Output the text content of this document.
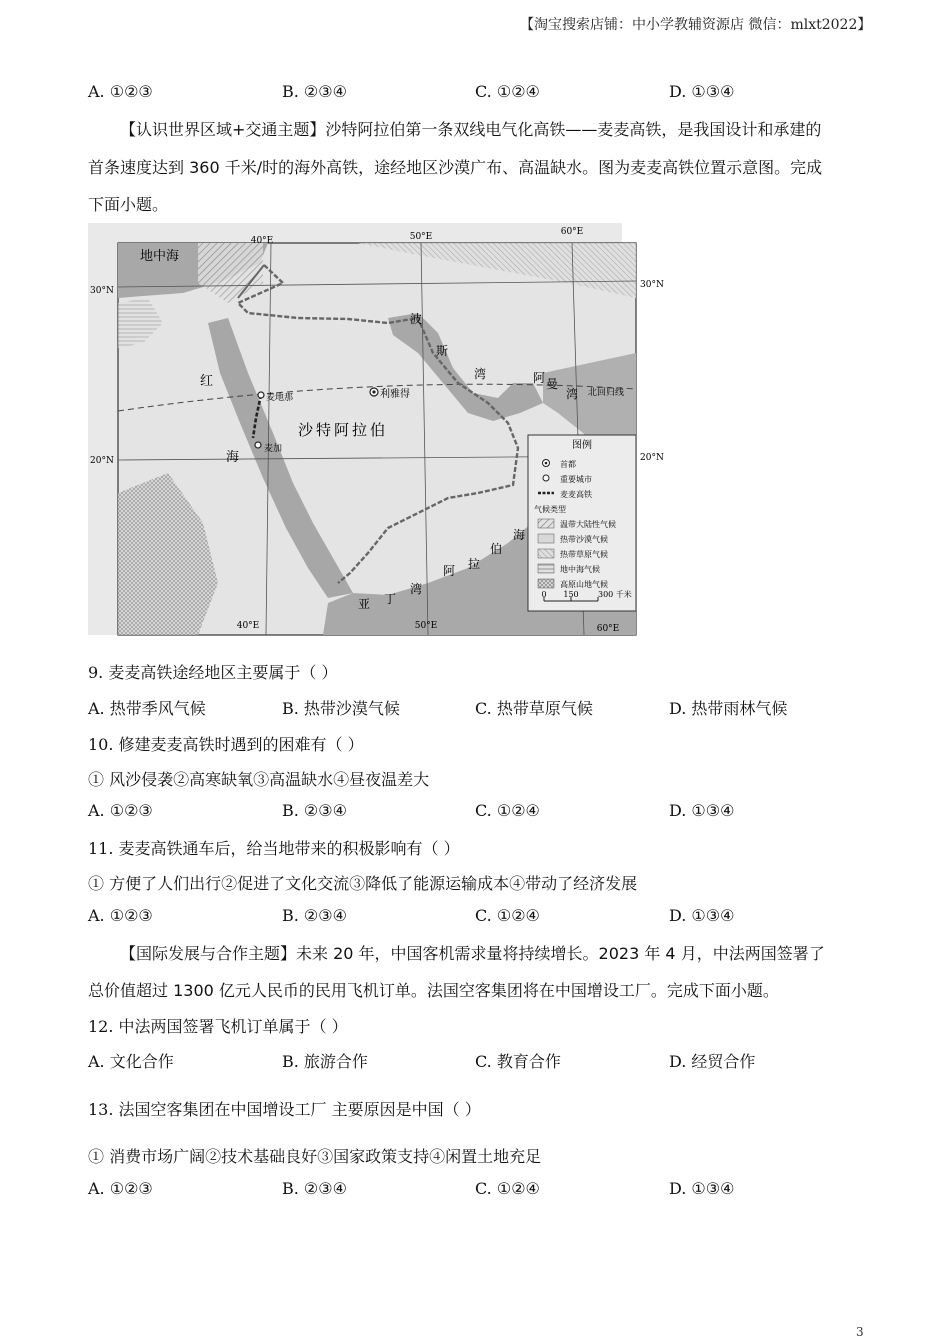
【淘宝搜索店铺：中小学教辅资源店 微信：mlxt2022】
A. ①②③	B. ②③④	C. ①②④	D. ①③④
【认识世界区域+交通主题】沙特阿拉伯第一条双线电气化高铁——麦麦高铁，是我国设计和承建的
首条速度达到 360 千米/时的海外高铁，途经地区沙漠广布、高温缺水。图为麦麦高铁位置示意图。完成
下面小题。
地中海
40°E	50°E	60°E
30°N
20°N
30°N
20°N
40°E	50°E	60°E
红
海
波
斯
湾	阿 曼
湾 北回归线
沙特阿拉伯
利雅得
麦地那
麦加
阿 拉
伯
海
亚 丁
湾
图例
首都
重要城市
麦麦高铁
气候类型
温带大陆性气候
热带沙漠气候
热带草原气候
地中海气候
高原山地气候
0 150 300 千米
9. 麦麦高铁途经地区主要属于（ ）
A. 热带季风气候	B. 热带沙漠气候	C. 热带草原气候	D. 热带雨林气候
10. 修建麦麦高铁时遇到的困难有（ ）
① 风沙侵袭②高寒缺氧③高温缺水④昼夜温差大
A. ①②③	B. ②③④	C. ①②④	D. ①③④
11. 麦麦高铁通车后，给当地带来的积极影响有（ ）
① 方便了人们出行②促进了文化交流③降低了能源运输成本④带动了经济发展
A. ①②③	B. ②③④	C. ①②④	D. ①③④
【国际发展与合作主题】未来 20 年，中国客机需求量将持续增长。2023 年 4 月，中法两国签署了
总价值超过 1300 亿元人民币的民用飞机订单。法国空客集团将在中国增设工厂。完成下面小题。
12. 中法两国签署飞机订单属于（ ）
A. 文化合作	B. 旅游合作	C. 教育合作	D. 经贸合作
13. 法国空客集团在中国增设工厂 主要原因是中国（ ）
① 消费市场广阔②技术基础良好③国家政策支持④闲置土地充足
A. ①②③	B. ②③④	C. ①②④	D. ①③④
3
